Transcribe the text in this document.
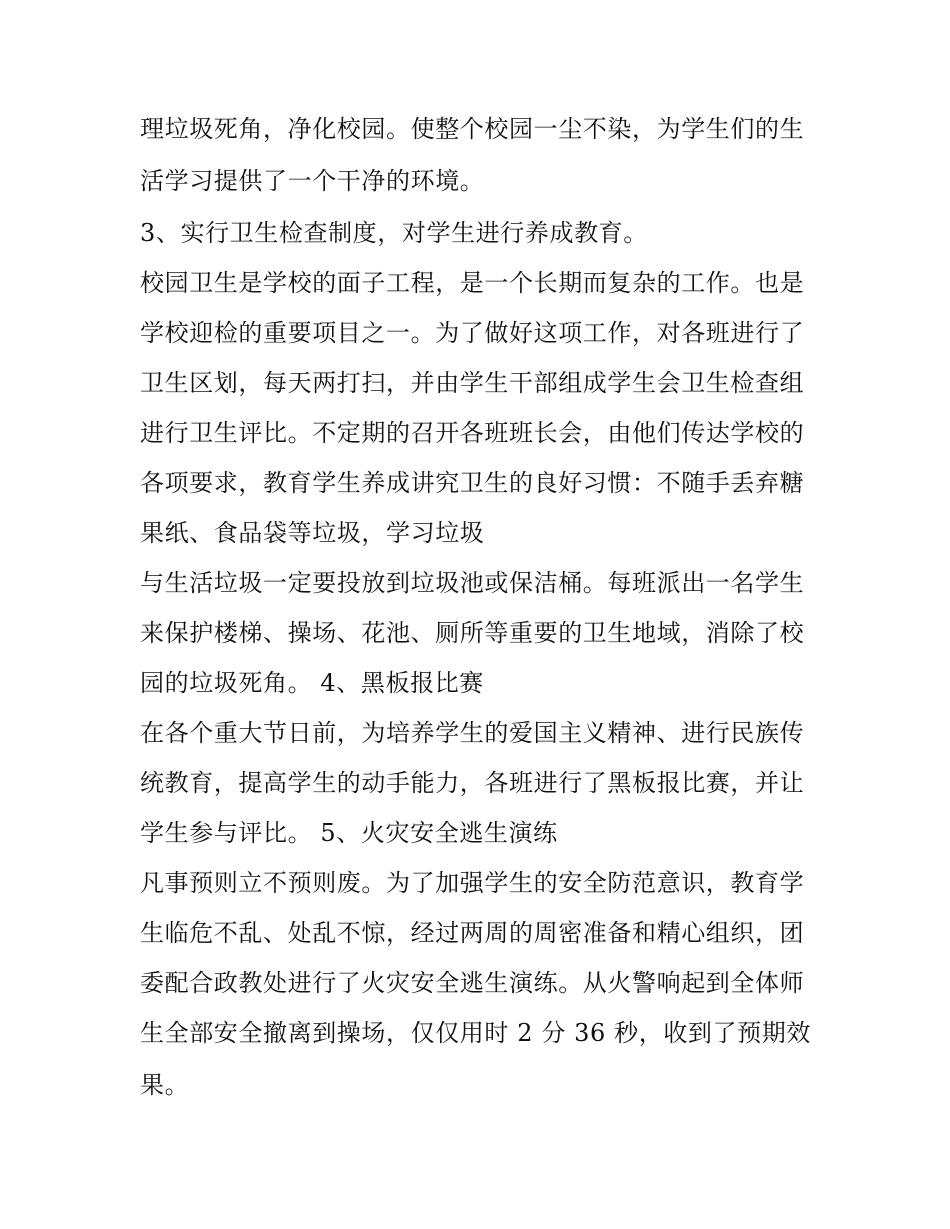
理垃圾死角，净化校园。使整个校园一尘不染，为学生们的生
活学习提供了一个干净的环境。
3、实行卫生检查制度，对学生进行养成教育。
校园卫生是学校的面子工程，是一个长期而复杂的工作。也是
学校迎检的重要项目之一。为了做好这项工作，对各班进行了
卫生区划，每天两打扫，并由学生干部组成学生会卫生检查组
进行卫生评比。不定期的召开各班班长会，由他们传达学校的
各项要求，教育学生养成讲究卫生的良好习惯：不随手丢弃糖
果纸、食品袋等垃圾，学习垃圾
与生活垃圾一定要投放到垃圾池或保洁桶。每班派出一名学生
来保护楼梯、操场、花池、厕所等重要的卫生地域，消除了校
园的垃圾死角。 4、黑板报比赛
在各个重大节日前，为培养学生的爱国主义精神、进行民族传
统教育，提高学生的动手能力，各班进行了黑板报比赛，并让
学生参与评比。 5、火灾安全逃生演练
凡事预则立不预则废。为了加强学生的安全防范意识，教育学
生临危不乱、处乱不惊，经过两周的周密准备和精心组织，团
委配合政教处进行了火灾安全逃生演练。从火警响起到全体师
生全部安全撤离到操场，仅仅用时 2 分 36 秒，收到了预期效
果。
